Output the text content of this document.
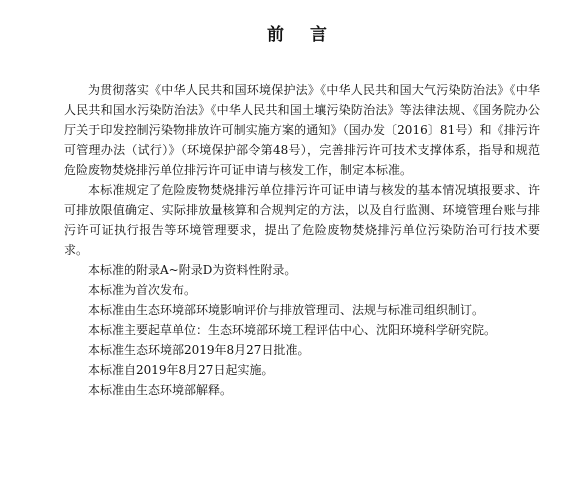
前 言

为贯彻落实《中华人民共和国环境保护法》《中华人民共和国大气污染防治法》《中华人民共和国水污染防治法》《中华人民共和国土壤污染防治法》等法律法规、《国务院办公厅关于印发控制污染物排放许可制实施方案的通知》（国办发〔2016〕81号）和《排污许可管理办法（试行）》（环境保护部令第48号），完善排污许可技术支撑体系，指导和规范危险废物焚烧排污单位排污许可证申请与核发工作，制定本标准。

本标准规定了危险废物焚烧排污单位排污许可证申请与核发的基本情况填报要求、许可排放限值确定、实际排放量核算和合规判定的方法，以及自行监测、环境管理台账与排污许可证执行报告等环境管理要求，提出了危险废物焚烧排污单位污染防治可行技术要求。

本标准的附录A~附录D为资料性附录。

本标准为首次发布。

本标准由生态环境部环境影响评价与排放管理司、法规与标准司组织制订。

本标准主要起草单位：生态环境部环境工程评估中心、沈阳环境科学研究院。

本标准生态环境部2019年8月27日批准。

本标准自2019年8月27日起实施。

本标准由生态环境部解释。
